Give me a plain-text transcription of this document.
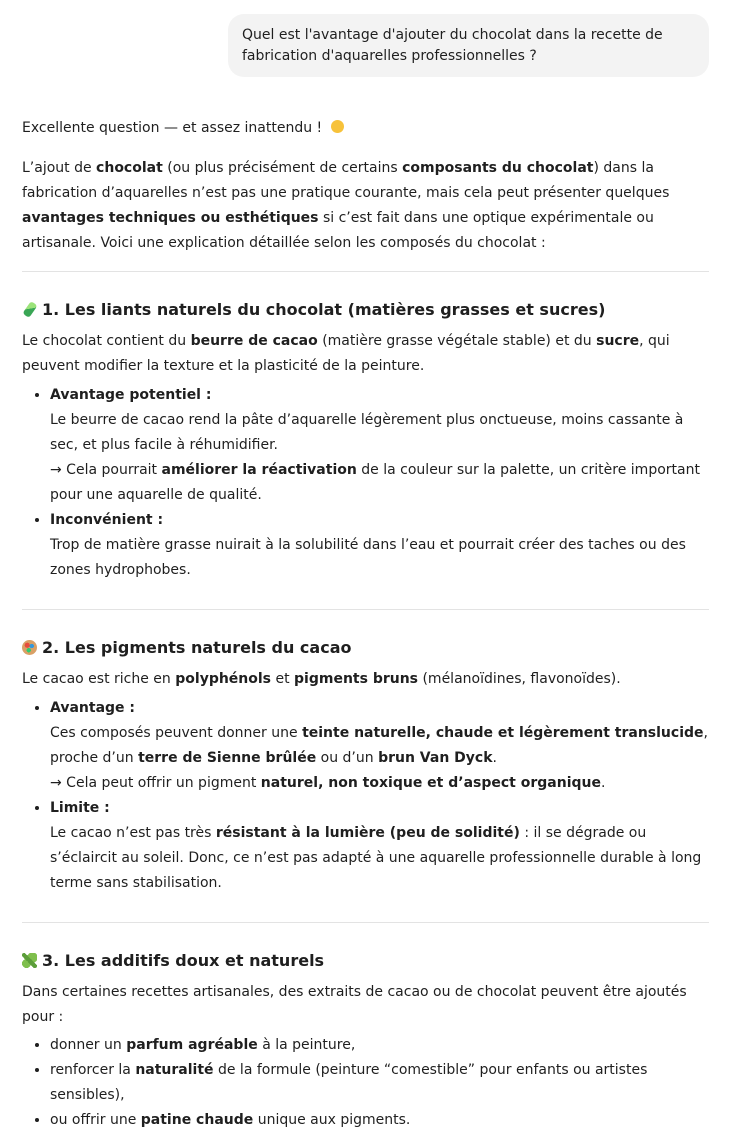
Quel est l'avantage d'ajouter du chocolat dans la recette de fabrication d'aquarelles professionnelles ?

Excellente question — et assez inattendu !

L’ajout de chocolat (ou plus précisément de certains composants du chocolat) dans la fabrication d’aquarelles n’est pas une pratique courante, mais cela peut présenter quelques avantages techniques ou esthétiques si c’est fait dans une optique expérimentale ou artisanale. Voici une explication détaillée selon les composés du chocolat :

1. Les liants naturels du chocolat (matières grasses et sucres)

Le chocolat contient du beurre de cacao (matière grasse végétale stable) et du sucre, qui peuvent modifier la texture et la plasticité de la peinture.

• Avantage potentiel :
Le beurre de cacao rend la pâte d’aquarelle légèrement plus onctueuse, moins cassante à sec, et plus facile à réhumidifier.
→ Cela pourrait améliorer la réactivation de la couleur sur la palette, un critère important pour une aquarelle de qualité.
• Inconvénient :
Trop de matière grasse nuirait à la solubilité dans l’eau et pourrait créer des taches ou des zones hydrophobes.
2. Les pigments naturels du cacao

Le cacao est riche en polyphénols et pigments bruns (mélanoïdines, flavonoïdes).

• Avantage :
Ces composés peuvent donner une teinte naturelle, chaude et légèrement translucide, proche d’un terre de Sienne brûlée ou d’un brun Van Dyck.
→ Cela peut offrir un pigment naturel, non toxique et d’aspect organique.
• Limite :
Le cacao n’est pas très résistant à la lumière (peu de solidité) : il se dégrade ou s’éclaircit au soleil. Donc, ce n’est pas adapté à une aquarelle professionnelle durable à long terme sans stabilisation.
3. Les additifs doux et naturels

Dans certaines recettes artisanales, des extraits de cacao ou de chocolat peuvent être ajoutés pour :

• donner un parfum agréable à la peinture,
• renforcer la naturalité de la formule (peinture “comestible” pour enfants ou artistes sensibles),
• ou offrir une patine chaude unique aux pigments.
